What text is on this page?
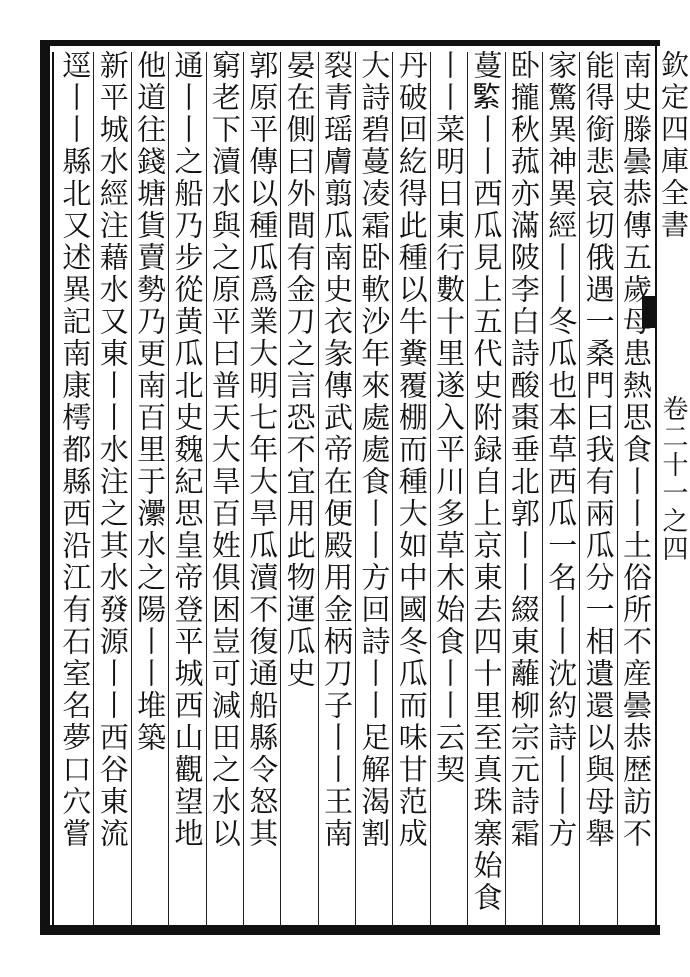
欽定四庫全書
卷二十一之四
南史滕曇恭傳五歲母患熱思食丨丨土俗所不産曇恭歴訪不
能得銜悲哀切俄遇一桑門曰我有兩瓜分一相遺還以與母舉
家驚異神異經丨丨冬瓜也本草西瓜一名丨丨沈約詩丨丨方
卧攏秋菰亦滿陂李白詩酸棗垂北郭丨丨綴東蘺柳宗元詩霜
蔓𦂳丨丨西瓜見上五代史附録自上京東去四十里至真珠寨始食
丨丨菜明日東行數十里遂入平川多草木始食丨丨云契
丹破回紇得此種以牛糞覆棚而種大如中國冬瓜而味甘范成
大詩碧蔓凌霜卧軟沙年來處處食丨丨方回詩丨丨足解渴割
裂青瑶膚翦瓜南史衣彖傳武帝在便殿用金柄刀子丨丨王南
晏在側曰外間有金刀之言恐不宜用此物運瓜史
郭原平傳以種瓜爲業大明七年大旱瓜瀆不復通船縣令怒其
窮老下瀆水與之原平曰普天大旱百姓俱困豈可減田之水以
通丨丨之船乃步從黄瓜北史魏紀思皇帝登平城西山觀望地
他道往錢塘貨賣勢乃更南百里于㶟水之陽丨丨堆築
新平城水經注藉水又東丨丨水注之其水發源丨丨西谷東流
逕丨丨縣北又述異記南康樗都縣西沿江有石室名夢口穴嘗
